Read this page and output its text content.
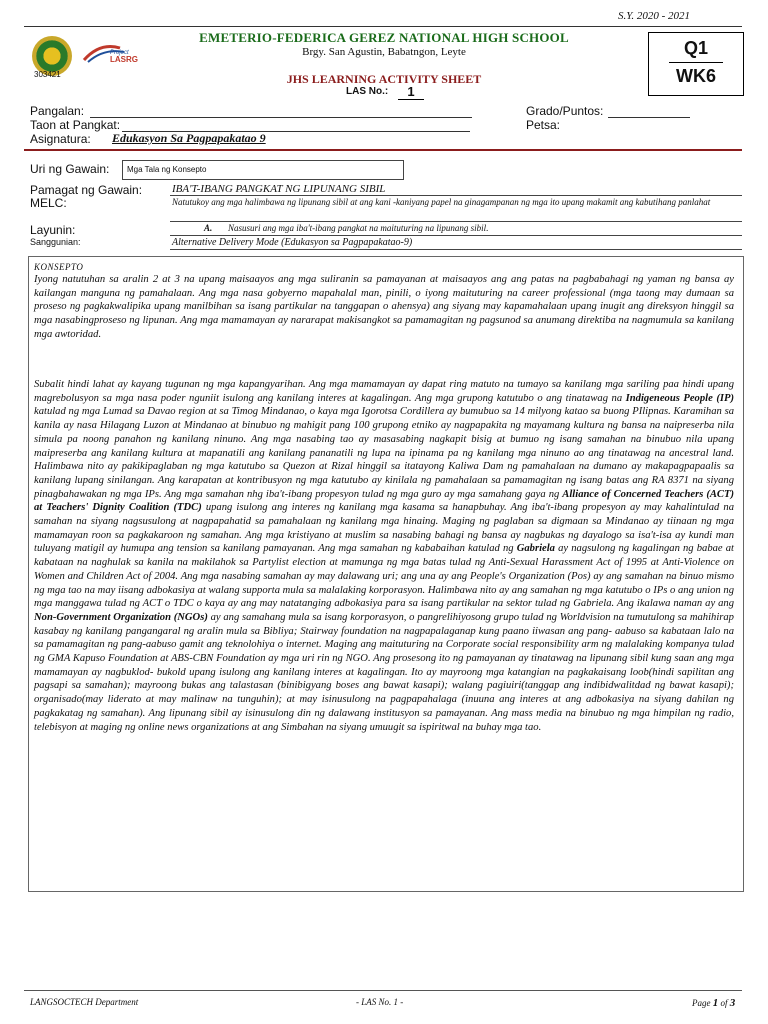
S.Y. 2020 - 2021
Project
LASRG
303421
EMETERIO-FEDERICA GEREZ NATIONAL HIGH SCHOOL
Brgy. San Agustin, Babatngon, Leyte
JHS LEARNING ACTIVITY SHEET
LAS No.:	1
Q1
WK6
Pangalan:
Taon at Pangkat:
Asignatura: Edukasyon Sa Pagpapakatao 9
Grado/Puntos:
Petsa:
Uri ng Gawain:	Mga Tala ng Konsepto
Pamagat ng Gawain:	IBA'T-IBANG PANGKAT NG LIPUNANG SIBIL
MELC:	Natutukoy ang mga halimbawa ng lipunang sibil at ang kani -kaniyang papel na ginagampanan ng mga ito upang makamit ang kabutihang panlahat
Layunin:	A. Nasusuri ang mga iba't-ibang pangkat na maituturing na lipunang sibil.
Sanggunian:	Alternative Delivery Mode (Edukasyon sa Pagpapakatao-9)
KONSEPTO
Iyong natutuhan sa aralin 2 at 3 na upang maisaayos ang mga suliranin sa pamayanan at maisaayos ang ang patas na pagbabahagi ng yaman ng bansa ay kailangan manguna ng pamahalaan. Ang mga nasa gobyerno mapahalal man, pinili, o iyong maituturing na career professional (mga taong may dumaan sa proseso ng pagkakwalipika upang manilbihan sa isang partikular na tanggapan o ahensya) ang siyang may kapamahalaan upang inugit ang direksyon hinggil sa mga nasabingproseso ng lipunan. Ang mga mamamayan ay nararapat makisangkot sa pamamagitan ng pagsunod sa anumang direktiba na nagmumula sa kanilang mga awtoridad.
Subalit hindi lahat ay kayang tugunan ng mga kapangyarihan. Ang mga mamamayan ay dapat ring matuto na tumayo sa kanilang mga sariling paa hindi upang magrebolusyon sa mga nasa poder nguniit isulong ang kanilang interes at kagalingan. Ang mga grupong katutubo o ang tinatawag na Indigeneous People (IP) katulad ng mga Lumad sa Davao region at sa Timog Mindanao, o kaya mga Igorotsa Cordillera ay bumubuo sa 14 milyong katao sa buong PIlipnas. Karamihan sa kanila ay nasa Hilagang Luzon at Mindanao at binubuo ng mahigit pang 100 grupong etniko ay nagpapakita ng mayamang kultura ng bansa na naipreserba nila simula pa noong panahon ng kanilang ninuno. Ang mga nasabing tao ay masasabing nagkapit bisig at bumuo ng isang samahan na binubuo nila upang maipreserba ang kanilang kultura at mapanatili ang kanilang pananatili ng lupa na ipinama pa ng kanilang mga ninuno ao ang tinatawag na ancestral land. Halimbawa nito ay pakikipaglaban ng mga katutubo sa Quezon at Rizal hinggil sa itatayong Kaliwa Dam ng pamahalaan na dumano ay makapagpapaalis sa kanilang lupang sinilangan. Ang karapatan at kontribusyon ng mga katutubo ay kinilala ng pamahalaan sa pamamagitan ng isang batas ang RA 8371 na siyang pinagbahawakan ng mga IPs. Ang mga samahan nhg iba't-ibang propesyon tulad ng mga guro ay mga samahang gaya ng Alliance of Concerned Teachers (ACT) at Teachers' Dignity Coalition (TDC) upang isulong ang interes ng kanilang mga kasama sa hanapbuhay. Ang iba't-ibang propesyon ay may kahalintulad na samahan na siyang nagsusulong at nagpapahatid sa pamahalaan ng kanilang mga hinaing. Maging ng paglaban sa digmaan sa Mindanao ay tiinaan ng mga mamamayan roon sa pagkakaroon ng samahan. Ang mga kristiyano at muslim sa nasabing bahagi ng bansa ay nagbukas ng dayalogo sa isa't-isa ay kundi man tuluyang matigil ay humupa ang tension sa kanilang pamayanan. Ang mga samahan ng kababaihan katulad ng Gabriela ay nagsulong ng kagalingan ng babae at kabataan na naghulak sa kanila na makilahok sa Partylist election at mamunga ng mga batas tulad ng Anti-Sexual Harassment Act of 1995 at Anti-Violence on Women and Children Act of 2004. Ang mga nasabing samahan ay may dalawang uri; ang una ay ang People's Organization (Pos) ay ang samahan na binuo mismo ng mga tao na may iisang adbokasiya at walang supporta mula sa malalaking korporasyon. Halimbawa nito ay ang samahan ng mga katutubo o IPs o ang union ng mga manggawa tulad ng ACT o TDC o kaya ay ang may natatanging adbokasiya para sa isang partikular na sektor tulad ng Gabriela. Ang ikalawa naman ay ang Non-Government Organization (NGOs) ay ang samahang mula sa isang korporasyon, o pangrelihiyosong grupo tulad ng Worldvision na tumutulong sa mahihirap kasabay ng kanilang pangangaral ng aralin mula sa Bibliya; Stairway foundation na nagpapalaganap kung paano iiwasan ang pang- aabuso sa kabataan lalo na sa pamamagitan ng pang-aabuso gamit ang teknolohiya o internet. Maging ang maituturing na Corporate social responsibility arm ng malalaking kompanya tulad ng GMA Kapuso Foundation at ABS-CBN Foundation ay mga uri rin ng NGO. Ang prosesong ito ng pamayanan ay tinatawag na lipunang sibil kung saan ang mga mamamayan ay nagbuklod- bukold upang isulong ang kanilang interes at kagalingan. Ito ay mayroong mga katangian na pagkakaisang loob(hindi sapilitan ang pagsapi sa samahan); mayroong bukas ang talastasan (binibigyang boses ang bawat kasapi); walang pagiuiri(tanggap ang indibidwalitdad ng bawat kasapi); organisado(may liderato at may malinaw na tunguhin); at may isinusulong na pagpapahalaga (inuuna ang interes at ang adbokasiya na siyang dahilan ng pagkakatag ng samahan). Ang lipunang sibil ay isinusulong din ng dalawang institusyon sa pamayanan. Ang mass media na binubuo ng mga himpilan ng radio, telebisyon at maging ng online news organizations at ang Simbahan na siyang umuugit sa ispiritwal na buhay mga tao.
LANGSOCTECH Department	- LAS No. 1 -	Page 1 of 3
